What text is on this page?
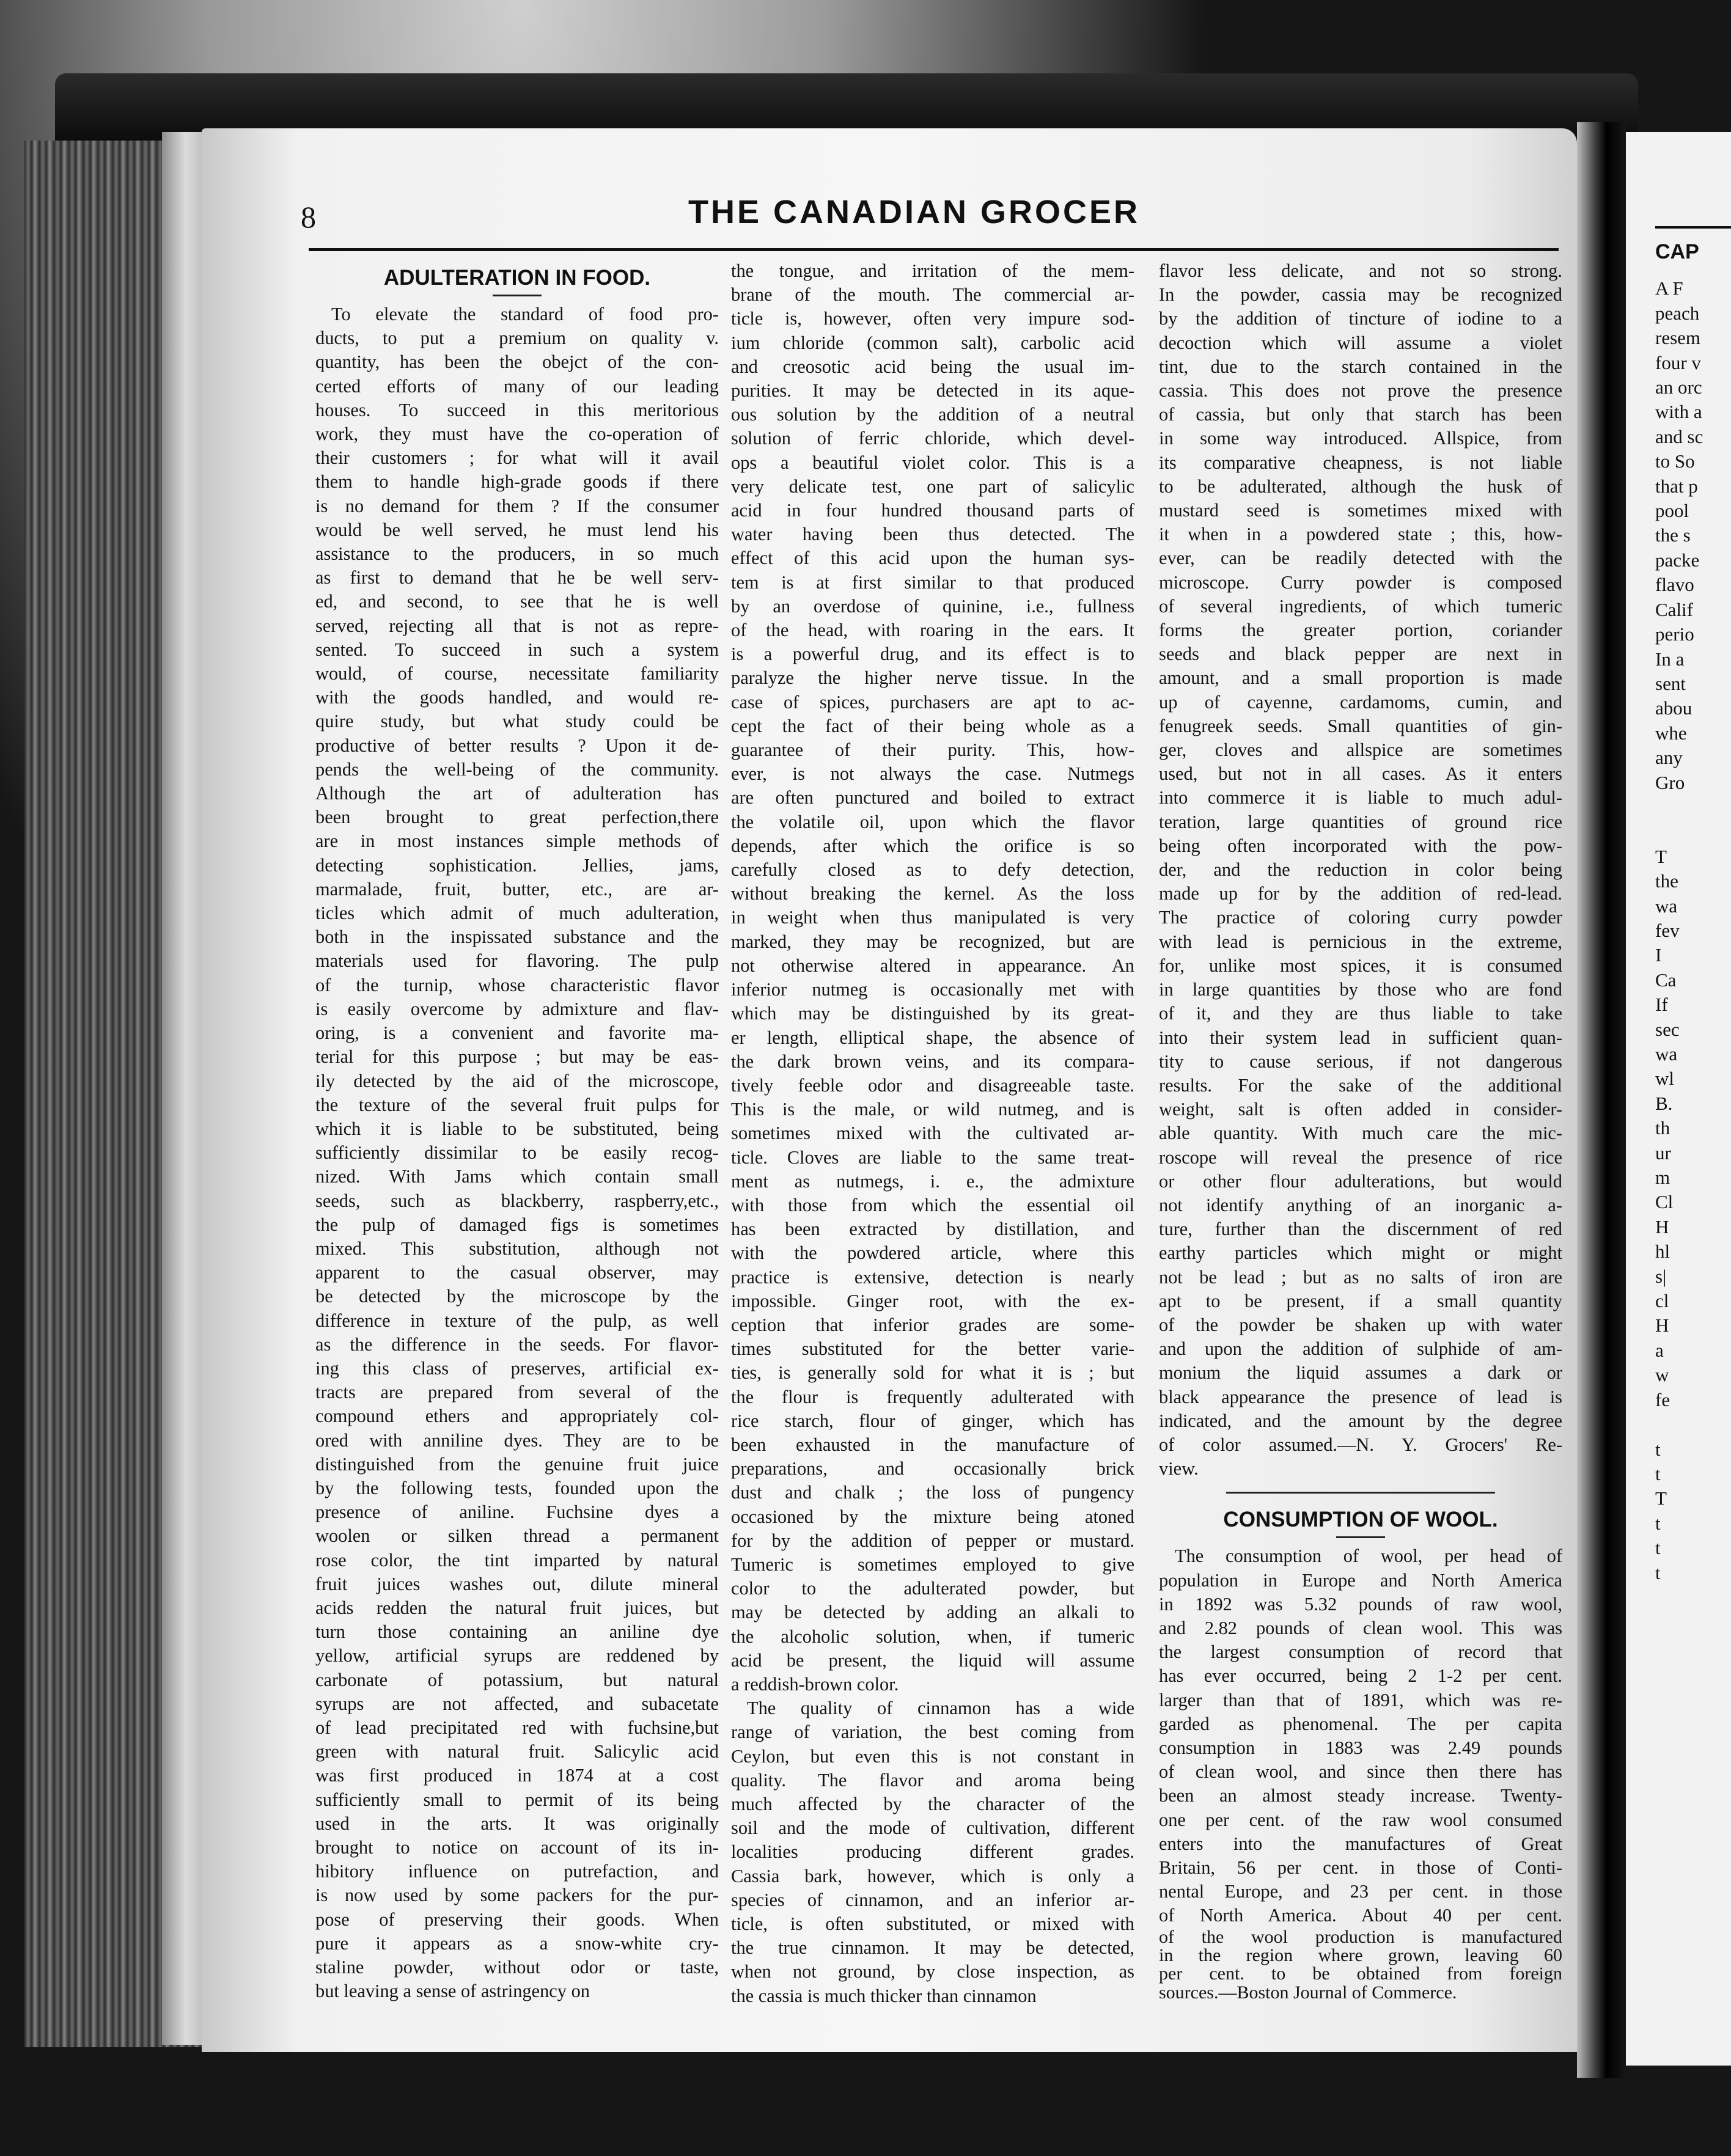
CAP
A F
peach
resem
four v
an orc
with a
and sc
to So
that p
pool
the s
packe
flavo
Calif
perio
In a
sent
abou
whe
any
Gro

T
the
wa
fev
I
Ca
If
sec
wa
wl
B.
th
ur
m
Cl
H
hl
s|
cl
H
a
w
fe

t
t
T
t
t
t
8	THE CANADIAN GROCER
ADULTERATION IN FOOD.
To elevate the standard of food pro-
ducts, to put a premium on quality v.
quantity, has been the obejct of the con-
certed efforts of many of our leading
houses. To succeed in this meritorious
work, they must have the co-operation of
their customers ; for what will it avail
them to handle high-grade goods if there
is no demand for them ? If the consumer
would be well served, he must lend his
assistance to the producers, in so much
as first to demand that he be well serv-
ed, and second, to see that he is well
served, rejecting all that is not as repre-
sented. To succeed in such a system
would, of course, necessitate familiarity
with the goods handled, and would re-
quire study, but what study could be
productive of better results ? Upon it de-
pends the well-being of the community.
Although the art of adulteration has
been brought to great perfection,there
are in most instances simple methods of
detecting sophistication. Jellies, jams,
marmalade, fruit, butter, etc., are ar-
ticles which admit of much adulteration,
both in the inspissated substance and the
materials used for flavoring. The pulp
of the turnip, whose characteristic flavor
is easily overcome by admixture and flav-
oring, is a convenient and favorite ma-
terial for this purpose ; but may be eas-
ily detected by the aid of the microscope,
the texture of the several fruit pulps for
which it is liable to be substituted, being
sufficiently dissimilar to be easily recog-
nized. With Jams which contain small
seeds, such as blackberry, raspberry,etc.,
the pulp of damaged figs is sometimes
mixed. This substitution, although not
apparent to the casual observer, may
be detected by the microscope by the
difference in texture of the pulp, as well
as the difference in the seeds. For flavor-
ing this class of preserves, artificial ex-
tracts are prepared from several of the
compound ethers and appropriately col-
ored with anniline dyes. They are to be
distinguished from the genuine fruit juice
by the following tests, founded upon the
presence of aniline. Fuchsine dyes a
woolen or silken thread a permanent
rose color, the tint imparted by natural
fruit juices washes out, dilute mineral
acids redden the natural fruit juices, but
turn those containing an aniline dye
yellow, artificial syrups are reddened by
carbonate of potassium, but natural
syrups are not affected, and subacetate
of lead precipitated red with fuchsine,but
green with natural fruit. Salicylic acid
was first produced in 1874 at a cost
sufficiently small to permit of its being
used in the arts. It was originally
brought to notice on account of its in-
hibitory influence on putrefaction, and
is now used by some packers for the pur-
pose of preserving their goods. When
pure it appears as a snow-white cry-
staline powder, without odor or taste,
but leaving a sense of astringency on
the tongue, and irritation of the mem-
brane of the mouth. The commercial ar-
ticle is, however, often very impure sod-
ium chloride (common salt), carbolic acid
and creosotic acid being the usual im-
purities. It may be detected in its aque-
ous solution by the addition of a neutral
solution of ferric chloride, which devel-
ops a beautiful violet color. This is a
very delicate test, one part of salicylic
acid in four hundred thousand parts of
water having been thus detected. The
effect of this acid upon the human sys-
tem is at first similar to that produced
by an overdose of quinine, i.e., fullness
of the head, with roaring in the ears. It
is a powerful drug, and its effect is to
paralyze the higher nerve tissue. In the
case of spices, purchasers are apt to ac-
cept the fact of their being whole as a
guarantee of their purity. This, how-
ever, is not always the case. Nutmegs
are often punctured and boiled to extract
the volatile oil, upon which the flavor
depends, after which the orifice is so
carefully closed as to defy detection,
without breaking the kernel. As the loss
in weight when thus manipulated is very
marked, they may be recognized, but are
not otherwise altered in appearance. An
inferior nutmeg is occasionally met with
which may be distinguished by its great-
er length, elliptical shape, the absence of
the dark brown veins, and its compara-
tively feeble odor and disagreeable taste.
This is the male, or wild nutmeg, and is
sometimes mixed with the cultivated ar-
ticle. Cloves are liable to the same treat-
ment as nutmegs, i. e., the admixture
with those from which the essential oil
has been extracted by distillation, and
with the powdered article, where this
practice is extensive, detection is nearly
impossible. Ginger root, with the ex-
ception that inferior grades are some-
times substituted for the better varie-
ties, is generally sold for what it is ; but
the flour is frequently adulterated with
rice starch, flour of ginger, which has
been exhausted in the manufacture of
preparations, and occasionally brick
dust and chalk ; the loss of pungency
occasioned by the mixture being atoned
for by the addition of pepper or mustard.
Tumeric is sometimes employed to give
color to the adulterated powder, but
may be detected by adding an alkali to
the alcoholic solution, when, if tumeric
acid be present, the liquid will assume
a reddish-brown color.
The quality of cinnamon has a wide
range of variation, the best coming from
Ceylon, but even this is not constant in
quality. The flavor and aroma being
much affected by the character of the
soil and the mode of cultivation, different
localities producing different grades.
Cassia bark, however, which is only a
species of cinnamon, and an inferior ar-
ticle, is often substituted, or mixed with
the true cinnamon. It may be detected,
when not ground, by close inspection, as
the cassia is much thicker than cinnamon
flavor less delicate, and not so strong.
In the powder, cassia may be recognized
by the addition of tincture of iodine to a
decoction which will assume a violet
tint, due to the starch contained in the
cassia. This does not prove the presence
of cassia, but only that starch has been
in some way introduced. Allspice, from
its comparative cheapness, is not liable
to be adulterated, although the husk of
mustard seed is sometimes mixed with
it when in a powdered state ; this, how-
ever, can be readily detected with the
microscope. Curry powder is composed
of several ingredients, of which tumeric
forms the greater portion, coriander
seeds and black pepper are next in
amount, and a small proportion is made
up of cayenne, cardamoms, cumin, and
fenugreek seeds. Small quantities of gin-
ger, cloves and allspice are sometimes
used, but not in all cases. As it enters
into commerce it is liable to much adul-
teration, large quantities of ground rice
being often incorporated with the pow-
der, and the reduction in color being
made up for by the addition of red-lead.
The practice of coloring curry powder
with lead is pernicious in the extreme,
for, unlike most spices, it is consumed
in large quantities by those who are fond
of it, and they are thus liable to take
into their system lead in sufficient quan-
tity to cause serious, if not dangerous
results. For the sake of the additional
weight, salt is often added in consider-
able quantity. With much care the mic-
roscope will reveal the presence of rice
or other flour adulterations, but would
not identify anything of an inorganic a-
ture, further than the discernment of red
earthy particles which might or might
not be lead ; but as no salts of iron are
apt to be present, if a small quantity
of the powder be shaken up with water
and upon the addition of sulphide of am-
monium the liquid assumes a dark or
black appearance the presence of lead is
indicated, and the amount by the degree
of color assumed.—N. Y. Grocers' Re-
view.
CONSUMPTION OF WOOL.
The consumption of wool, per head of
population in Europe and North America
in 1892 was 5.32 pounds of raw wool,
and 2.82 pounds of clean wool. This was
the largest consumption of record that
has ever occurred, being 2 1-2 per cent.
larger than that of 1891, which was re-
garded as phenomenal. The per capita
consumption in 1883 was 2.49 pounds
of clean wool, and since then there has
been an almost steady increase. Twenty-
one per cent. of the raw wool consumed
enters into the manufactures of Great
Britain, 56 per cent. in those of Conti-
nental Europe, and 23 per cent. in those
of North America. About 40 per cent.
of the wool production is manufactured
in the region where grown, leaving 60
per cent. to be obtained from foreign
sources.—Boston Journal of Commerce.
